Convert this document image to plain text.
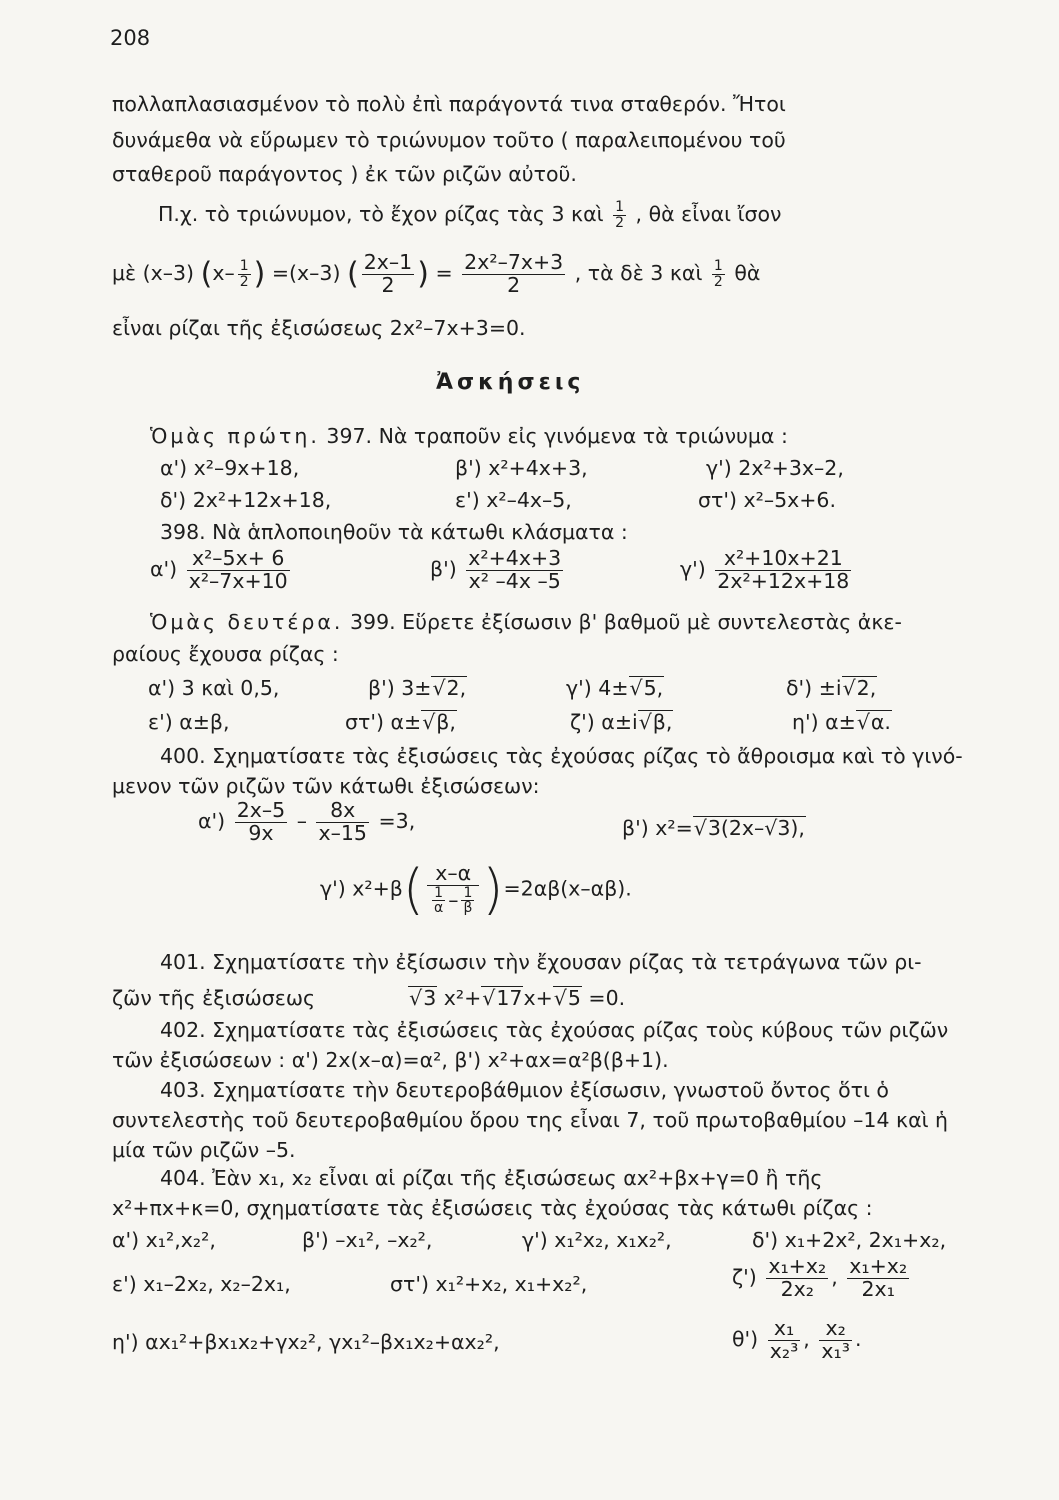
208
πολλαπλασιασμένον τὸ πολὺ ἐπὶ παράγοντά τινα σταθερόν. Ἤτοι
δυνάμεθα νὰ εὕρωμεν τὸ τριώνυμον τοῦτο ( παραλειπομένου τοῦ
σταθεροῦ παράγοντος ) ἐκ τῶν ριζῶν αὐτοῦ.
Π.χ. τὸ τριώνυμον, τὸ ἔχον ρίζας τὰς 3 καὶ $\frac{1}{2}$ , θὰ εἶναι ἴσον
μὲ (x–3) ($x- \frac{1}{2}$ ) =(x–3) ( $\frac{2x-1}{2}$ ) = $\frac{\text{2x²–7x+3}}{2}$ , τὰ δὲ 3 καὶ $\frac{1}{2}$ θὰ
εἶναι ρίζαι τῆς ἐξισώσεως 2x²–7x+3=0.
Ἀσκήσεις
Ὁμὰς πρώτη. 397. Νὰ τραποῦν εἰς γινόμενα τὰ τριώνυμα :
α') x²–9x+18,	β') x²+4x+3,	γ') 2x²+3x–2,
δ') 2x²+12x+18,	ε') x²–4x–5,	στ') x²–5x+6.
398. Νὰ ἁπλοποιηθοῦν τὰ κάτωθι κλάσματα :
$\alpha') \frac{\text{x²–5x+ 6}}{\text{x²–7x+10}}$	$\beta') \frac{\text{x²+4x+3}}{\text{x² –4x –5}}$	$\gamma') \frac{\text{x²+10x+21}}{\text{2x²+12x+18}}$
Ὁμὰς δευτέρα. 399. Εὕρετε ἐξίσωσιν β' βαθμοῦ μὲ συντελεστὰς ἀκε-
ραίους ἔχουσα ρίζας :
α') 3 καὶ 0,5,	β') 3± √ 2,	γ') 4± √ 5,	δ') ±i √ 2,
ε') α±β,	στ') α± √ β,	ζ') α±i √ β,	η') α± √ α.
400. Σχηματίσατε τὰς ἐξισώσεις τὰς ἐχούσας ρίζας τὸ ἄθροισμα καὶ τὸ γινό-
μενον τῶν ριζῶν τῶν κάτωθι ἐξισώσεων:
$\alpha') \frac{2x-5}{9x} - \frac{8x}{x-15} =3$,	β') x²= √ 3(2x–√3),
γ') $x^2+\beta( \frac{x-\alpha}{\frac{1}{\alpha} - \frac{1}{\beta}} )=2\alpha\beta(x-\alpha\beta)$.
401. Σχηματίσατε τὴν ἐξίσωσιν τὴν ἔχουσαν ρίζας τὰ τετράγωνα τῶν ρι-
ζῶν τῆς ἐξισώσεως	√ 3 x²+ √ 17x+ √ 5 =0.
402. Σχηματίσατε τὰς ἐξισώσεις τὰς ἐχούσας ρίζας τοὺς κύβους τῶν ριζῶν
τῶν ἐξισώσεων : α') 2x(x–α)=α², β') x²+αx=α²β(β+1).
403. Σχηματίσατε τὴν δευτεροβάθμιον ἐξίσωσιν, γνωστοῦ ὄντος ὅτι ὁ
συντελεστὴς τοῦ δευτεροβαθμίου ὅρου της εἶναι 7, τοῦ πρωτοβαθμίου –14 καὶ ἡ
μία τῶν ριζῶν –5.
404. Ἐὰν x₁, x₂ εἶναι αἱ ρίζαι τῆς ἐξισώσεως αx²+βx+γ=0 ἢ τῆς
x²+πx+κ=0, σχηματίσατε τὰς ἐξισώσεις τὰς ἐχούσας τὰς κάτωθι ρίζας :
α') x₁²,x₂²,	β') –x₁², –x₂²,	γ') x₁²x₂, x₁x₂²,	δ') x₁+2x², 2x₁+x₂,
ε') x₁–2x₂, x₂–2x₁,	στ') x₁²+x₂, x₁+x₂²,	$\zeta') \frac{\text{x₁+x₂}}{\text{2x₂}}$ , $\frac{\text{x₁+x₂}}{\text{2x₁}}$
η') αx₁²+βx₁x₂+γx₂², γx₁²–βx₁x₂+αx₂²,	$\theta') \frac{\text{x₁}}{\text{x₂³}}$ , $\frac{\text{x₂}}{\text{x₁³}}$ .
